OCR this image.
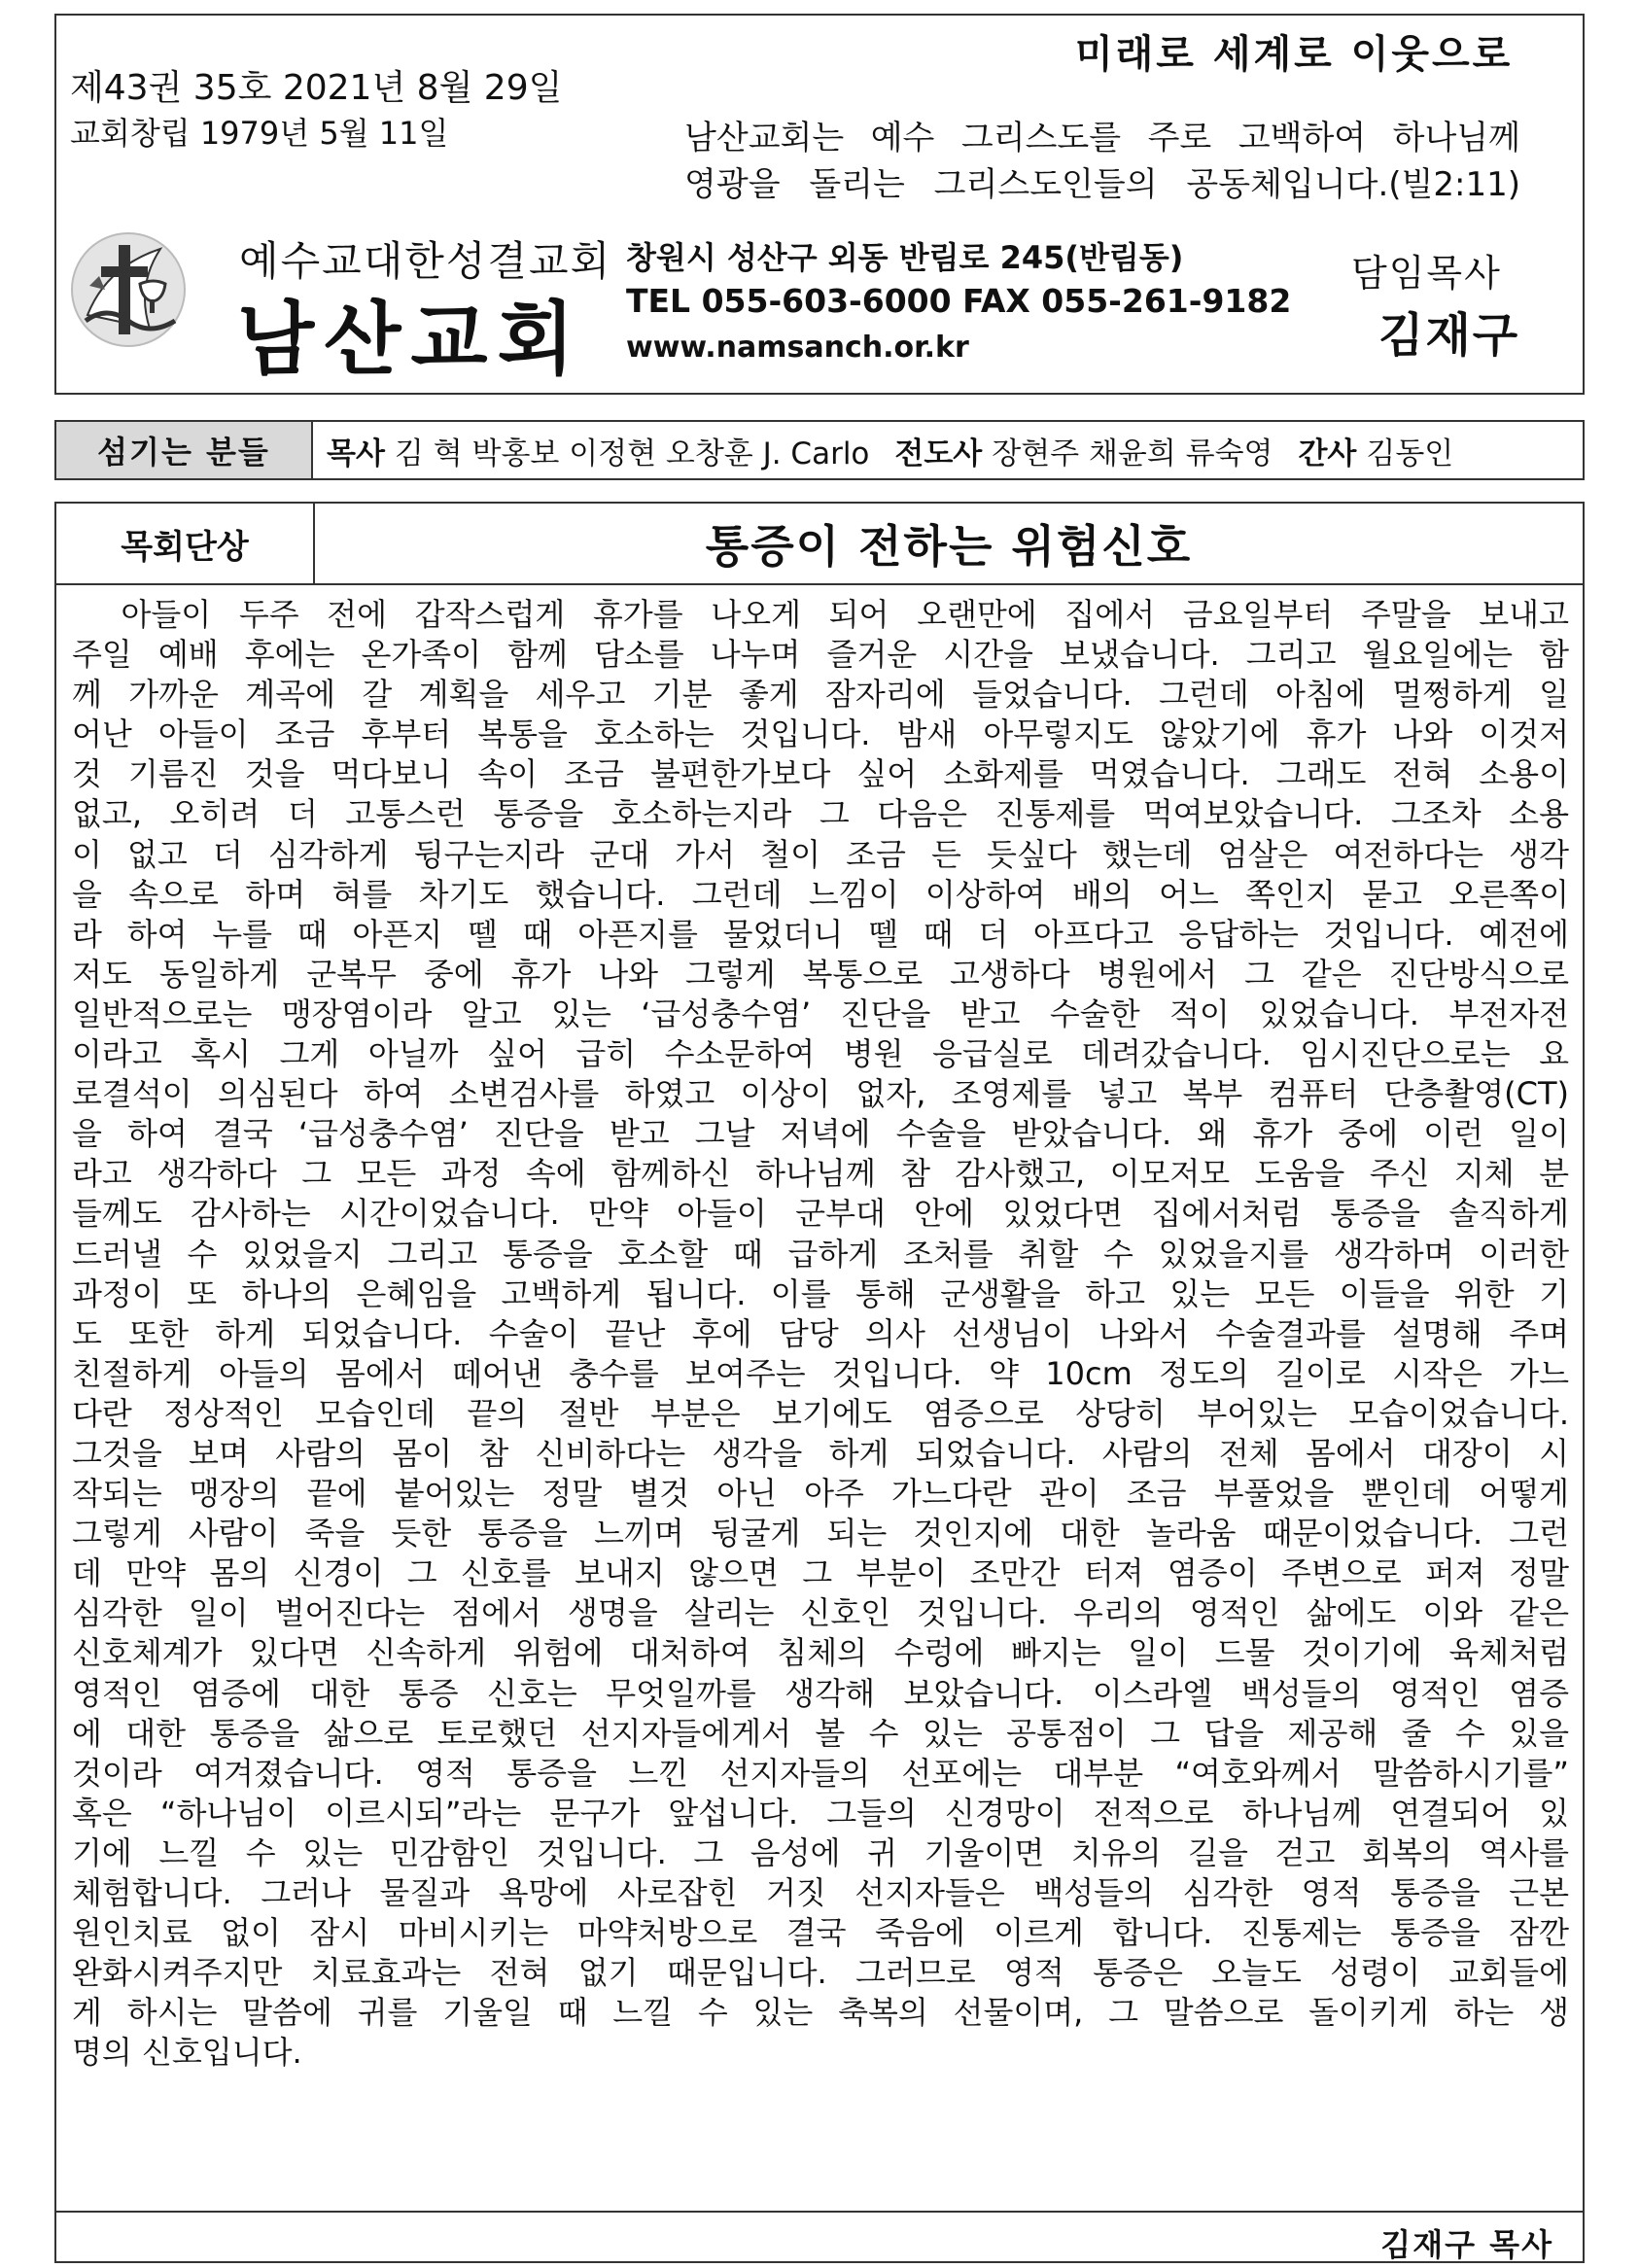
미래로 세계로 이웃으로
제43권 35호 2021년 8월 29일
교회창립 1979년 5월 11일	남산교회는 예수 그리스도를 주로 고백하여 하나님께
영광을 돌리는 그리스도인들의 공동체입니다.(빌2:11)
예수교대한성결교회
남산교회
창원시 성산구 외동 반림로 245(반림동)
TEL 055-603-6000 FAX 055-261-9182
www.namsanch.or.kr
담임목사
김재구
섬기는 분들	목사 김 혁 박홍보 이정현 오창훈 J. Carlo 전도사 장현주 채윤희 류숙영 간사 김동인
목회단상	통증이 전하는 위험신호
　아들이 두주 전에 갑작스럽게 휴가를 나오게 되어 오랜만에 집에서 금요일부터 주말을 보내고
주일 예배 후에는 온가족이 함께 담소를 나누며 즐거운 시간을 보냈습니다. 그리고 월요일에는 함
께 가까운 계곡에 갈 계획을 세우고 기분 좋게 잠자리에 들었습니다. 그런데 아침에 멀쩡하게 일
어난 아들이 조금 후부터 복통을 호소하는 것입니다. 밤새 아무렇지도 않았기에 휴가 나와 이것저
것 기름진 것을 먹다보니 속이 조금 불편한가보다 싶어 소화제를 먹였습니다. 그래도 전혀 소용이
없고, 오히려 더 고통스런 통증을 호소하는지라 그 다음은 진통제를 먹여보았습니다. 그조차 소용
이 없고 더 심각하게 뒹구는지라 군대 가서 철이 조금 든 듯싶다 했는데 엄살은 여전하다는 생각
을 속으로 하며 혀를 차기도 했습니다. 그런데 느낌이 이상하여 배의 어느 쪽인지 묻고 오른쪽이
라 하여 누를 때 아픈지 뗄 때 아픈지를 물었더니 뗄 때 더 아프다고 응답하는 것입니다. 예전에
저도 동일하게 군복무 중에 휴가 나와 그렇게 복통으로 고생하다 병원에서 그 같은 진단방식으로
일반적으로는 맹장염이라 알고 있는 ‘급성충수염’ 진단을 받고 수술한 적이 있었습니다. 부전자전
이라고 혹시 그게 아닐까 싶어 급히 수소문하여 병원 응급실로 데려갔습니다. 임시진단으로는 요
로결석이 의심된다 하여 소변검사를 하였고 이상이 없자, 조영제를 넣고 복부 컴퓨터 단층촬영(CT)
을 하여 결국 ‘급성충수염’ 진단을 받고 그날 저녁에 수술을 받았습니다. 왜 휴가 중에 이런 일이
라고 생각하다 그 모든 과정 속에 함께하신 하나님께 참 감사했고, 이모저모 도움을 주신 지체 분
들께도 감사하는 시간이었습니다. 만약 아들이 군부대 안에 있었다면 집에서처럼 통증을 솔직하게
드러낼 수 있었을지 그리고 통증을 호소할 때 급하게 조처를 취할 수 있었을지를 생각하며 이러한
과정이 또 하나의 은혜임을 고백하게 됩니다. 이를 통해 군생활을 하고 있는 모든 이들을 위한 기
도 또한 하게 되었습니다. 수술이 끝난 후에 담당 의사 선생님이 나와서 수술결과를 설명해 주며
친절하게 아들의 몸에서 떼어낸 충수를 보여주는 것입니다. 약 10cm 정도의 길이로 시작은 가느
다란 정상적인 모습인데 끝의 절반 부분은 보기에도 염증으로 상당히 부어있는 모습이었습니다.
그것을 보며 사람의 몸이 참 신비하다는 생각을 하게 되었습니다. 사람의 전체 몸에서 대장이 시
작되는 맹장의 끝에 붙어있는 정말 별것 아닌 아주 가느다란 관이 조금 부풀었을 뿐인데 어떻게
그렇게 사람이 죽을 듯한 통증을 느끼며 뒹굴게 되는 것인지에 대한 놀라움 때문이었습니다. 그런
데 만약 몸의 신경이 그 신호를 보내지 않으면 그 부분이 조만간 터져 염증이 주변으로 퍼져 정말
심각한 일이 벌어진다는 점에서 생명을 살리는 신호인 것입니다. 우리의 영적인 삶에도 이와 같은
신호체계가 있다면 신속하게 위험에 대처하여 침체의 수렁에 빠지는 일이 드물 것이기에 육체처럼
영적인 염증에 대한 통증 신호는 무엇일까를 생각해 보았습니다. 이스라엘 백성들의 영적인 염증
에 대한 통증을 삶으로 토로했던 선지자들에게서 볼 수 있는 공통점이 그 답을 제공해 줄 수 있을
것이라 여겨졌습니다. 영적 통증을 느낀 선지자들의 선포에는 대부분 “여호와께서 말씀하시기를”
혹은 “하나님이 이르시되”라는 문구가 앞섭니다. 그들의 신경망이 전적으로 하나님께 연결되어 있
기에 느낄 수 있는 민감함인 것입니다. 그 음성에 귀 기울이면 치유의 길을 걷고 회복의 역사를
체험합니다. 그러나 물질과 욕망에 사로잡힌 거짓 선지자들은 백성들의 심각한 영적 통증을 근본
원인치료 없이 잠시 마비시키는 마약처방으로 결국 죽음에 이르게 합니다. 진통제는 통증을 잠깐
완화시켜주지만 치료효과는 전혀 없기 때문입니다. 그러므로 영적 통증은 오늘도 성령이 교회들에
게 하시는 말씀에 귀를 기울일 때 느낄 수 있는 축복의 선물이며, 그 말씀으로 돌이키게 하는 생
명의 신호입니다.
김재구 목사
